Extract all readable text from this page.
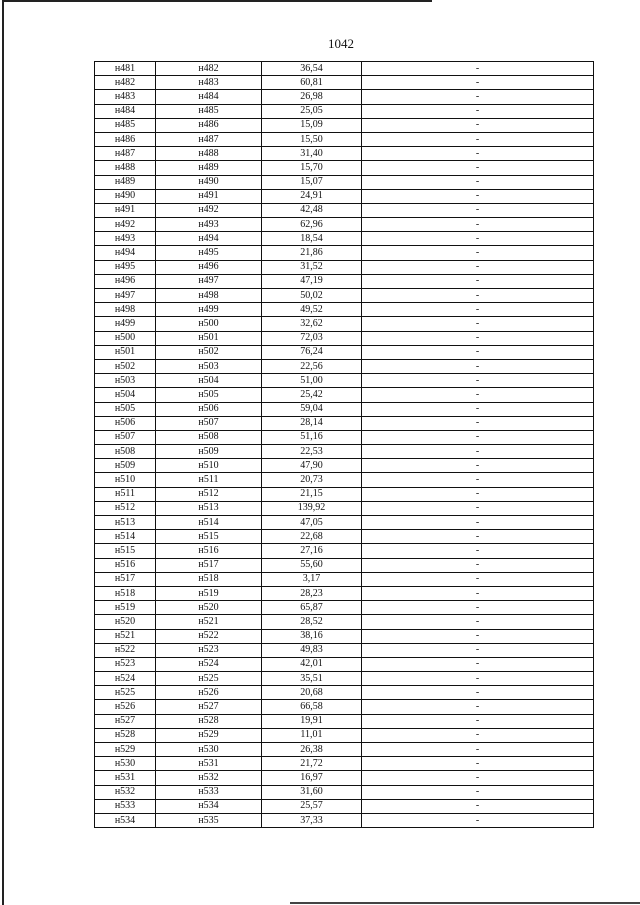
1042
н481	н482	36,54	-
н482	н483	60,81	-
н483	н484	26,98	-
н484	н485	25,05	-
н485	н486	15,09	-
н486	н487	15,50	-
н487	н488	31,40	-
н488	н489	15,70	-
н489	н490	15,07	-
н490	н491	24,91	-
н491	н492	42,48	-
н492	н493	62,96	-
н493	н494	18,54	-
н494	н495	21,86	-
н495	н496	31,52	-
н496	н497	47,19	-
н497	н498	50,02	-
н498	н499	49,52	-
н499	н500	32,62	-
н500	н501	72,03	-
н501	н502	76,24	-
н502	н503	22,56	-
н503	н504	51,00	-
н504	н505	25,42	-
н505	н506	59,04	-
н506	н507	28,14	-
н507	н508	51,16	-
н508	н509	22,53	-
н509	н510	47,90	-
н510	н511	20,73	-
н511	н512	21,15	-
н512	н513	139,92	-
н513	н514	47,05	-
н514	н515	22,68	-
н515	н516	27,16	-
н516	н517	55,60	-
н517	н518	3,17	-
н518	н519	28,23	-
н519	н520	65,87	-
н520	н521	28,52	-
н521	н522	38,16	-
н522	н523	49,83	-
н523	н524	42,01	-
н524	н525	35,51	-
н525	н526	20,68	-
н526	н527	66,58	-
н527	н528	19,91	-
н528	н529	11,01	-
н529	н530	26,38	-
н530	н531	21,72	-
н531	н532	16,97	-
н532	н533	31,60	-
н533	н534	25,57	-
н534	н535	37,33	-
